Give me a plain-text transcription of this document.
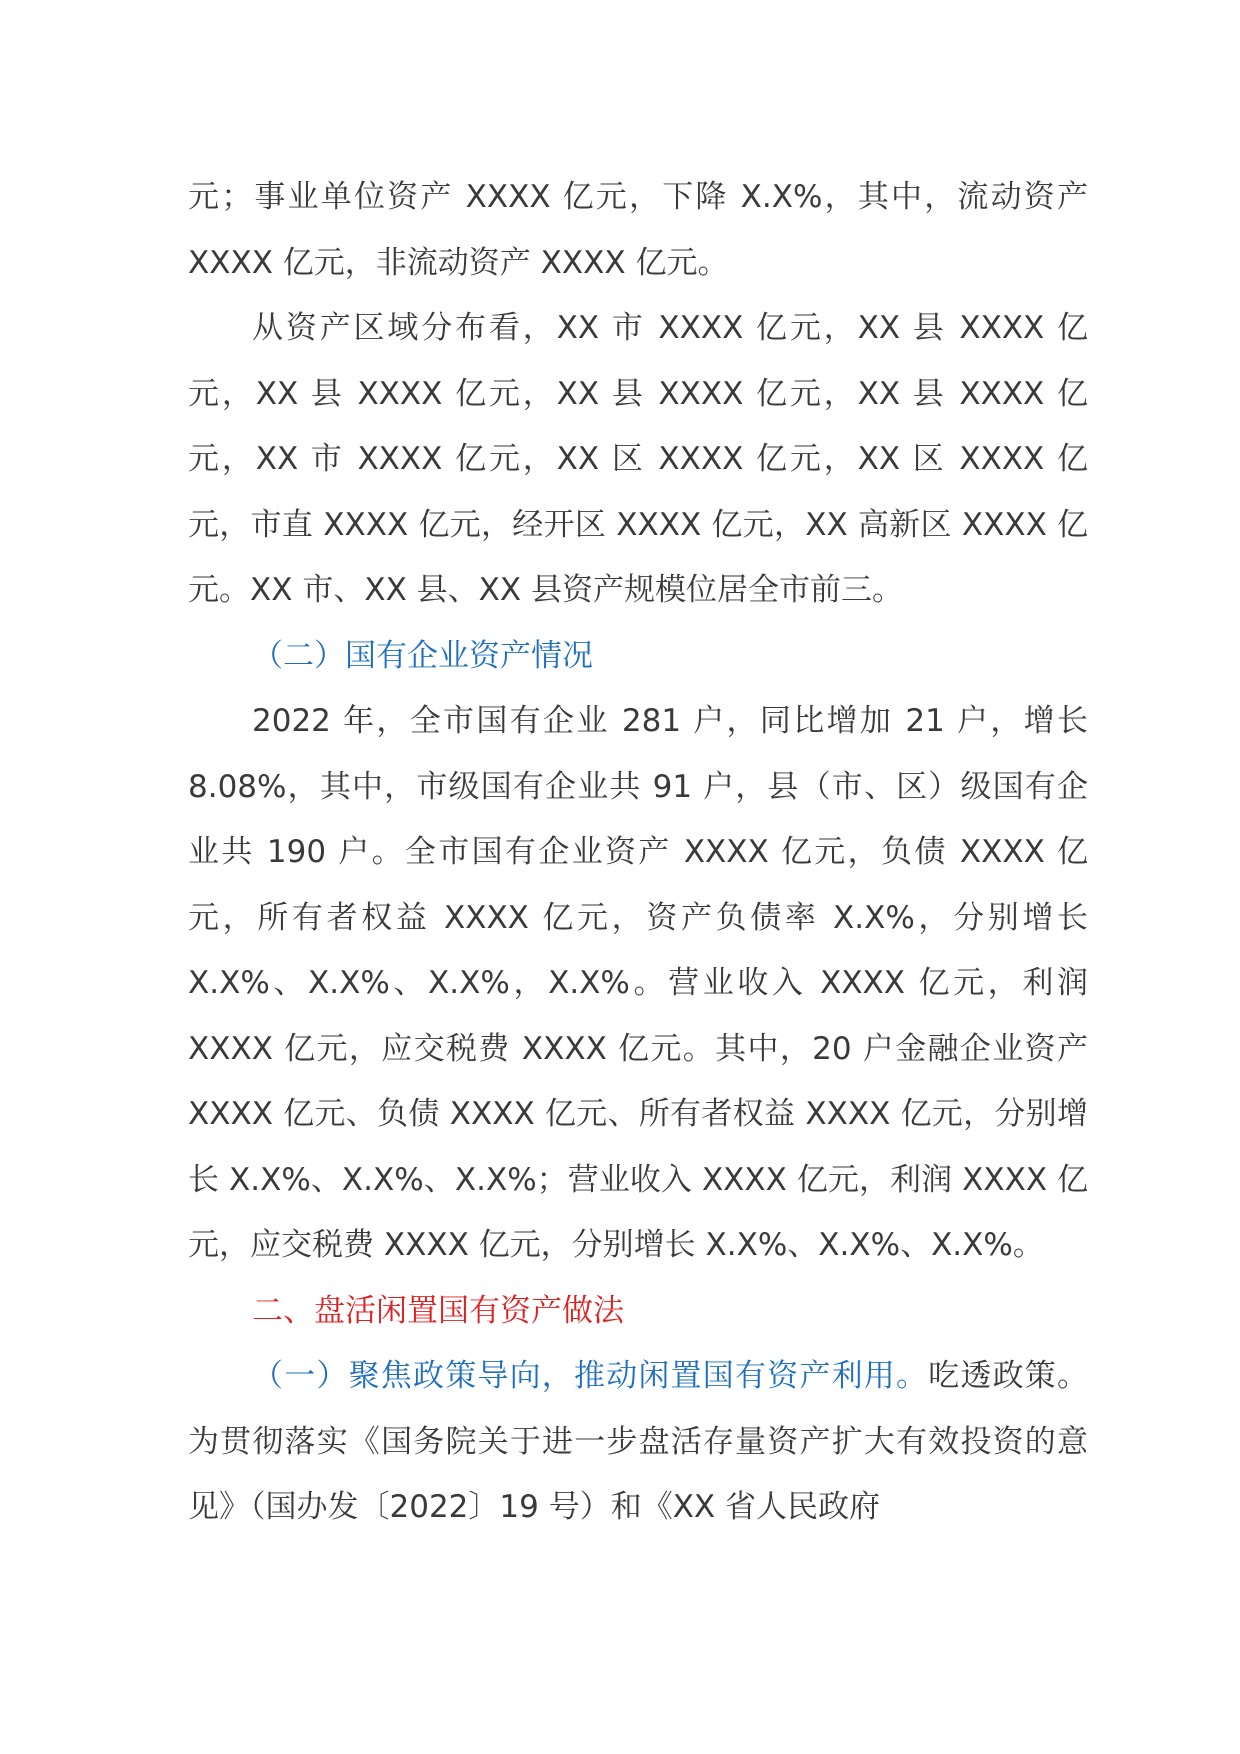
元；事业单位资产 XXXX 亿元，下降 X.X%，其中，流动资产 XXXX 亿元，非流动资产 XXXX 亿元。

从资产区域分布看，XX 市 XXXX 亿元，XX 县 XXXX 亿元，XX 县 XXXX 亿元，XX 县 XXXX 亿元，XX 县 XXXX 亿元，XX 市 XXXX 亿元，XX 区 XXXX 亿元，XX 区 XXXX 亿元，市直 XXXX 亿元，经开区 XXXX 亿元，XX 高新区 XXXX 亿元。XX 市、XX 县、XX 县资产规模位居全市前三。

（二）国有企业资产情况

2022 年，全市国有企业 281 户，同比增加 21 户，增长 8.08%，其中，市级国有企业共 91 户，县（市、区）级国有企业共 190 户。全市国有企业资产 XXXX 亿元，负债 XXXX 亿元，所有者权益 XXXX 亿元，资产负债率 X.X%，分别增长 X.X%、X.X%、X.X%，X.X%。营业收入 XXXX 亿元，利润 XXXX 亿元，应交税费 XXXX 亿元。其中，20 户金融企业资产 XXXX 亿元、负债 XXXX 亿元、所有者权益 XXXX 亿元，分别增长 X.X%、X.X%、X.X%；营业收入 XXXX 亿元，利润 XXXX 亿元，应交税费 XXXX 亿元，分别增长 X.X%、X.X%、X.X%。

二、盘活闲置国有资产做法

（一）聚焦政策导向，推动闲置国有资产利用。吃透政策。为贯彻落实《国务院关于进一步盘活存量资产扩大有效投资的意见》（国办发〔2022〕19 号）和《XX 省人民政府
